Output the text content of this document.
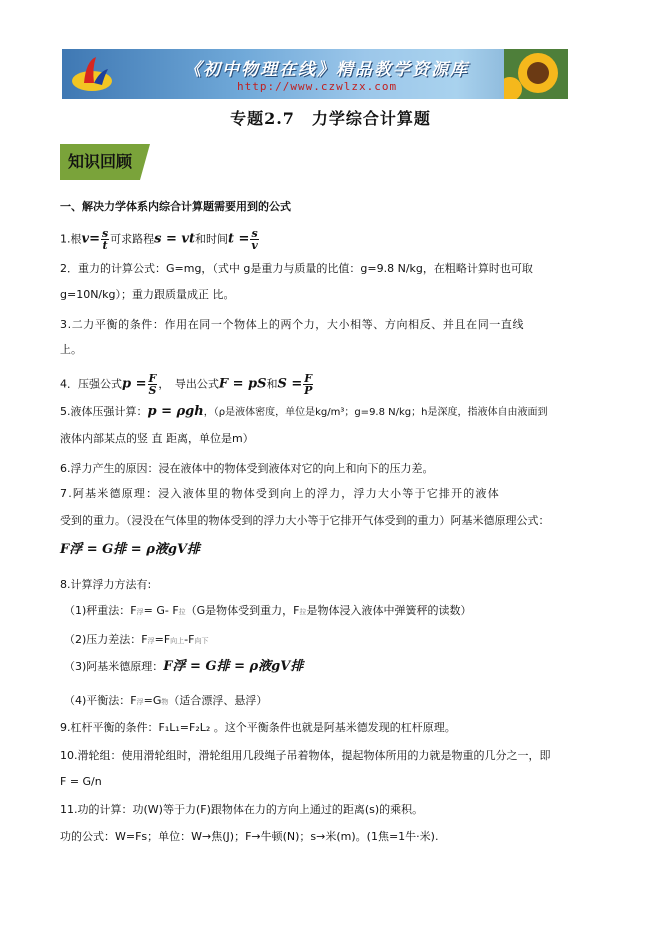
《初中物理在线》精品教学资源库
http://www.czwlzx.com
专题2.7　力学综合计算题
知识回顾
一、解决力学体系内综合计算题需要用到的公式
1.根$v= \frac{s}{t}$ 可求路程s = vt和时间$t = \frac{s}{v}$
2．重力的计算公式：G=mg，（式中 g是重力与质量的比值：g=9.8 N/kg，在粗略计算时也可取
g=10N/kg）；重力跟质量成正 比。
3.二力平衡的条件：作用在同一个物体上的两个力，大小相等、方向相反、并且在同一直线
上。
4．压强公式$p = \frac{F}{S}$ ，　导出公式F = pS和$S = \frac{F}{P}$
5.液体压强计算：p = ρgh，（ρ是液体密度，单位是kg/m³；g=9.8 N/kg；h是深度，指液体自由液面到
液体内部某点的竖 直 距离，单位是m）
6.浮力产生的原因：浸在液体中的物体受到液体对它的向上和向下的压力差。
7.阿基米德原理：浸入液体里的物体受到向上的浮力，浮力大小等于它排开的液体
受到的重力。（浸没在气体里的物体受到的浮力大小等于它排开气体受到的重力）阿基米德原理公式：
F浮 = G排 = ρ液gV排
8.计算浮力方法有:
（1)秤重法：F浮= G- F拉（G是物体受到重力，F拉是物体浸入液体中弹簧秤的读数）
（2)压力差法：F浮=F向上-F向下
（3)阿基米德原理：F浮 = G排 = ρ液gV排
（4)平衡法：F浮=G物（适合漂浮、悬浮）
9.杠杆平衡的条件：F₁L₁=F₂L₂ 。这个平衡条件也就是阿基米德发现的杠杆原理。
10.滑轮组：使用滑轮组时，滑轮组用几段绳子吊着物体，提起物体所用的力就是物重的几分之一，即
F = G/n
11.功的计算：功(W)等于力(F)跟物体在力的方向上通过的距离(s)的乘积。
功的公式：W=Fs；单位：W→焦(J)；F→牛顿(N)；s→米(m)。(1焦=1牛·米).
